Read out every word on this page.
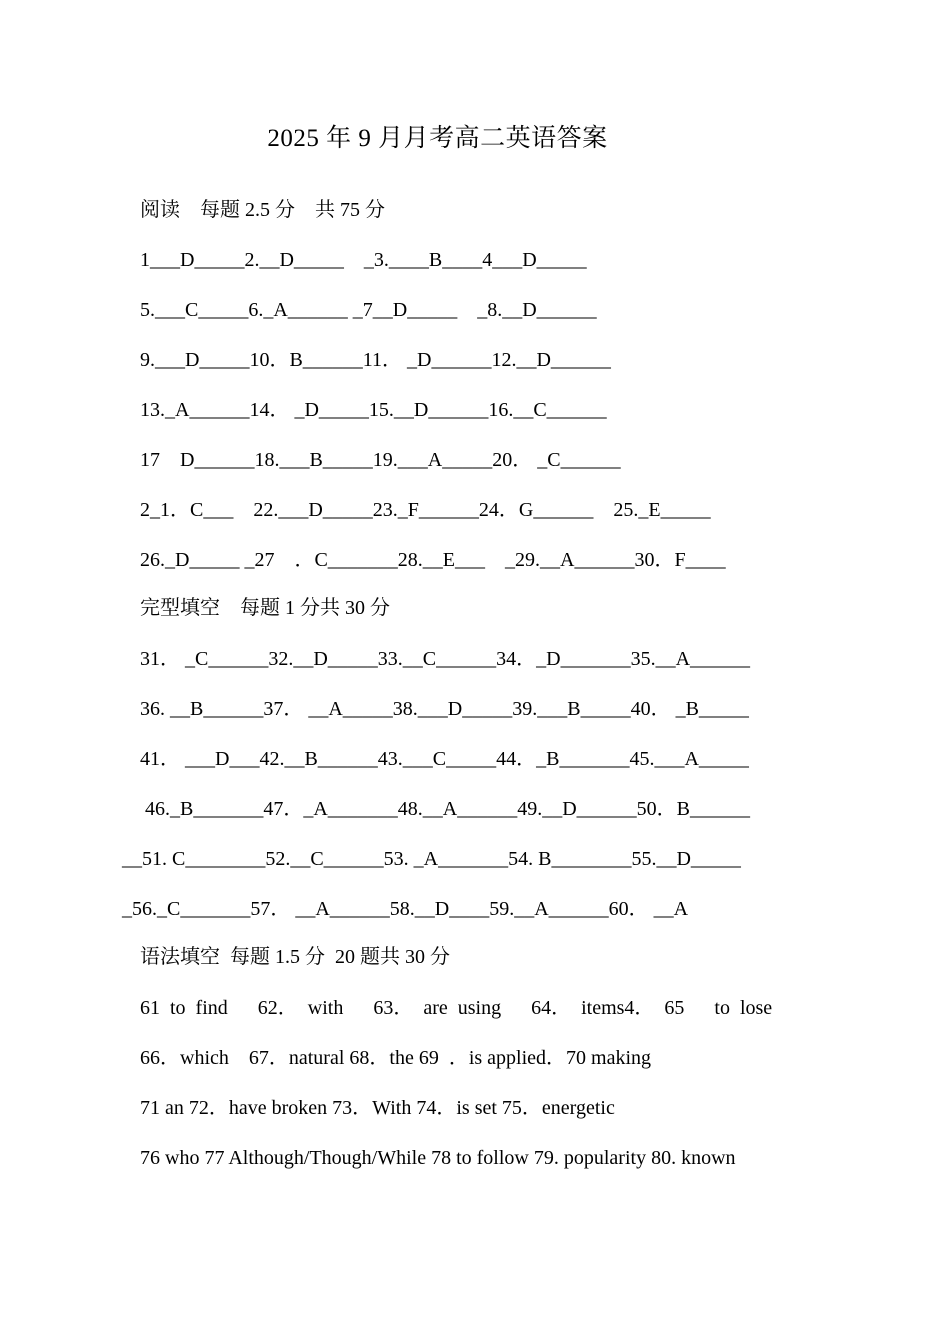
2025 年 9 月月考高二英语答案
阅读    每题 2.5 分    共 75 分
1___D_____2.__D_____    _3.____B____4___D_____
5.___C_____6._A______ _7__D_____    _8.__D______
9.___D_____10．B______11． _D______12.__D______
13._A______14． _D_____15.__D______16.__C______
17    D______18.___B_____19.___A_____20． _C______
2_1．C___    22.___D_____23._F______24．G______    25._E_____
26._D_____ _27    ．C_______28.__E___    _29.__A______30．F____
完型填空    每题 1 分共 30 分
31． _C______32.__D_____33.__C______34．_D_______35.__A______
36. __B______37． __A_____38.___D_____39.___B_____40． _B_____
41． ___D___42.__B______43.___C_____44．_B_______45.___A_____
46._B_______47．_A_______48.__A______49.__D______50．B______
__51. C________52.__C______53. _A_______54. B________55.__D_____
_56._C_______57． __A______58.__D____59.__A______60． __A
语法填空  每题 1.5 分  20 题共 30 分
61  to  find      62．  with      63．  are  using      64．  items4．  65      to  lose
66．which    67．natural 68．the 69  ．is applied．70 making
71 an 72．have broken 73．With 74．is set 75．energetic
76 who 77 Although/Though/While 78 to follow 79. popularity 80. known
